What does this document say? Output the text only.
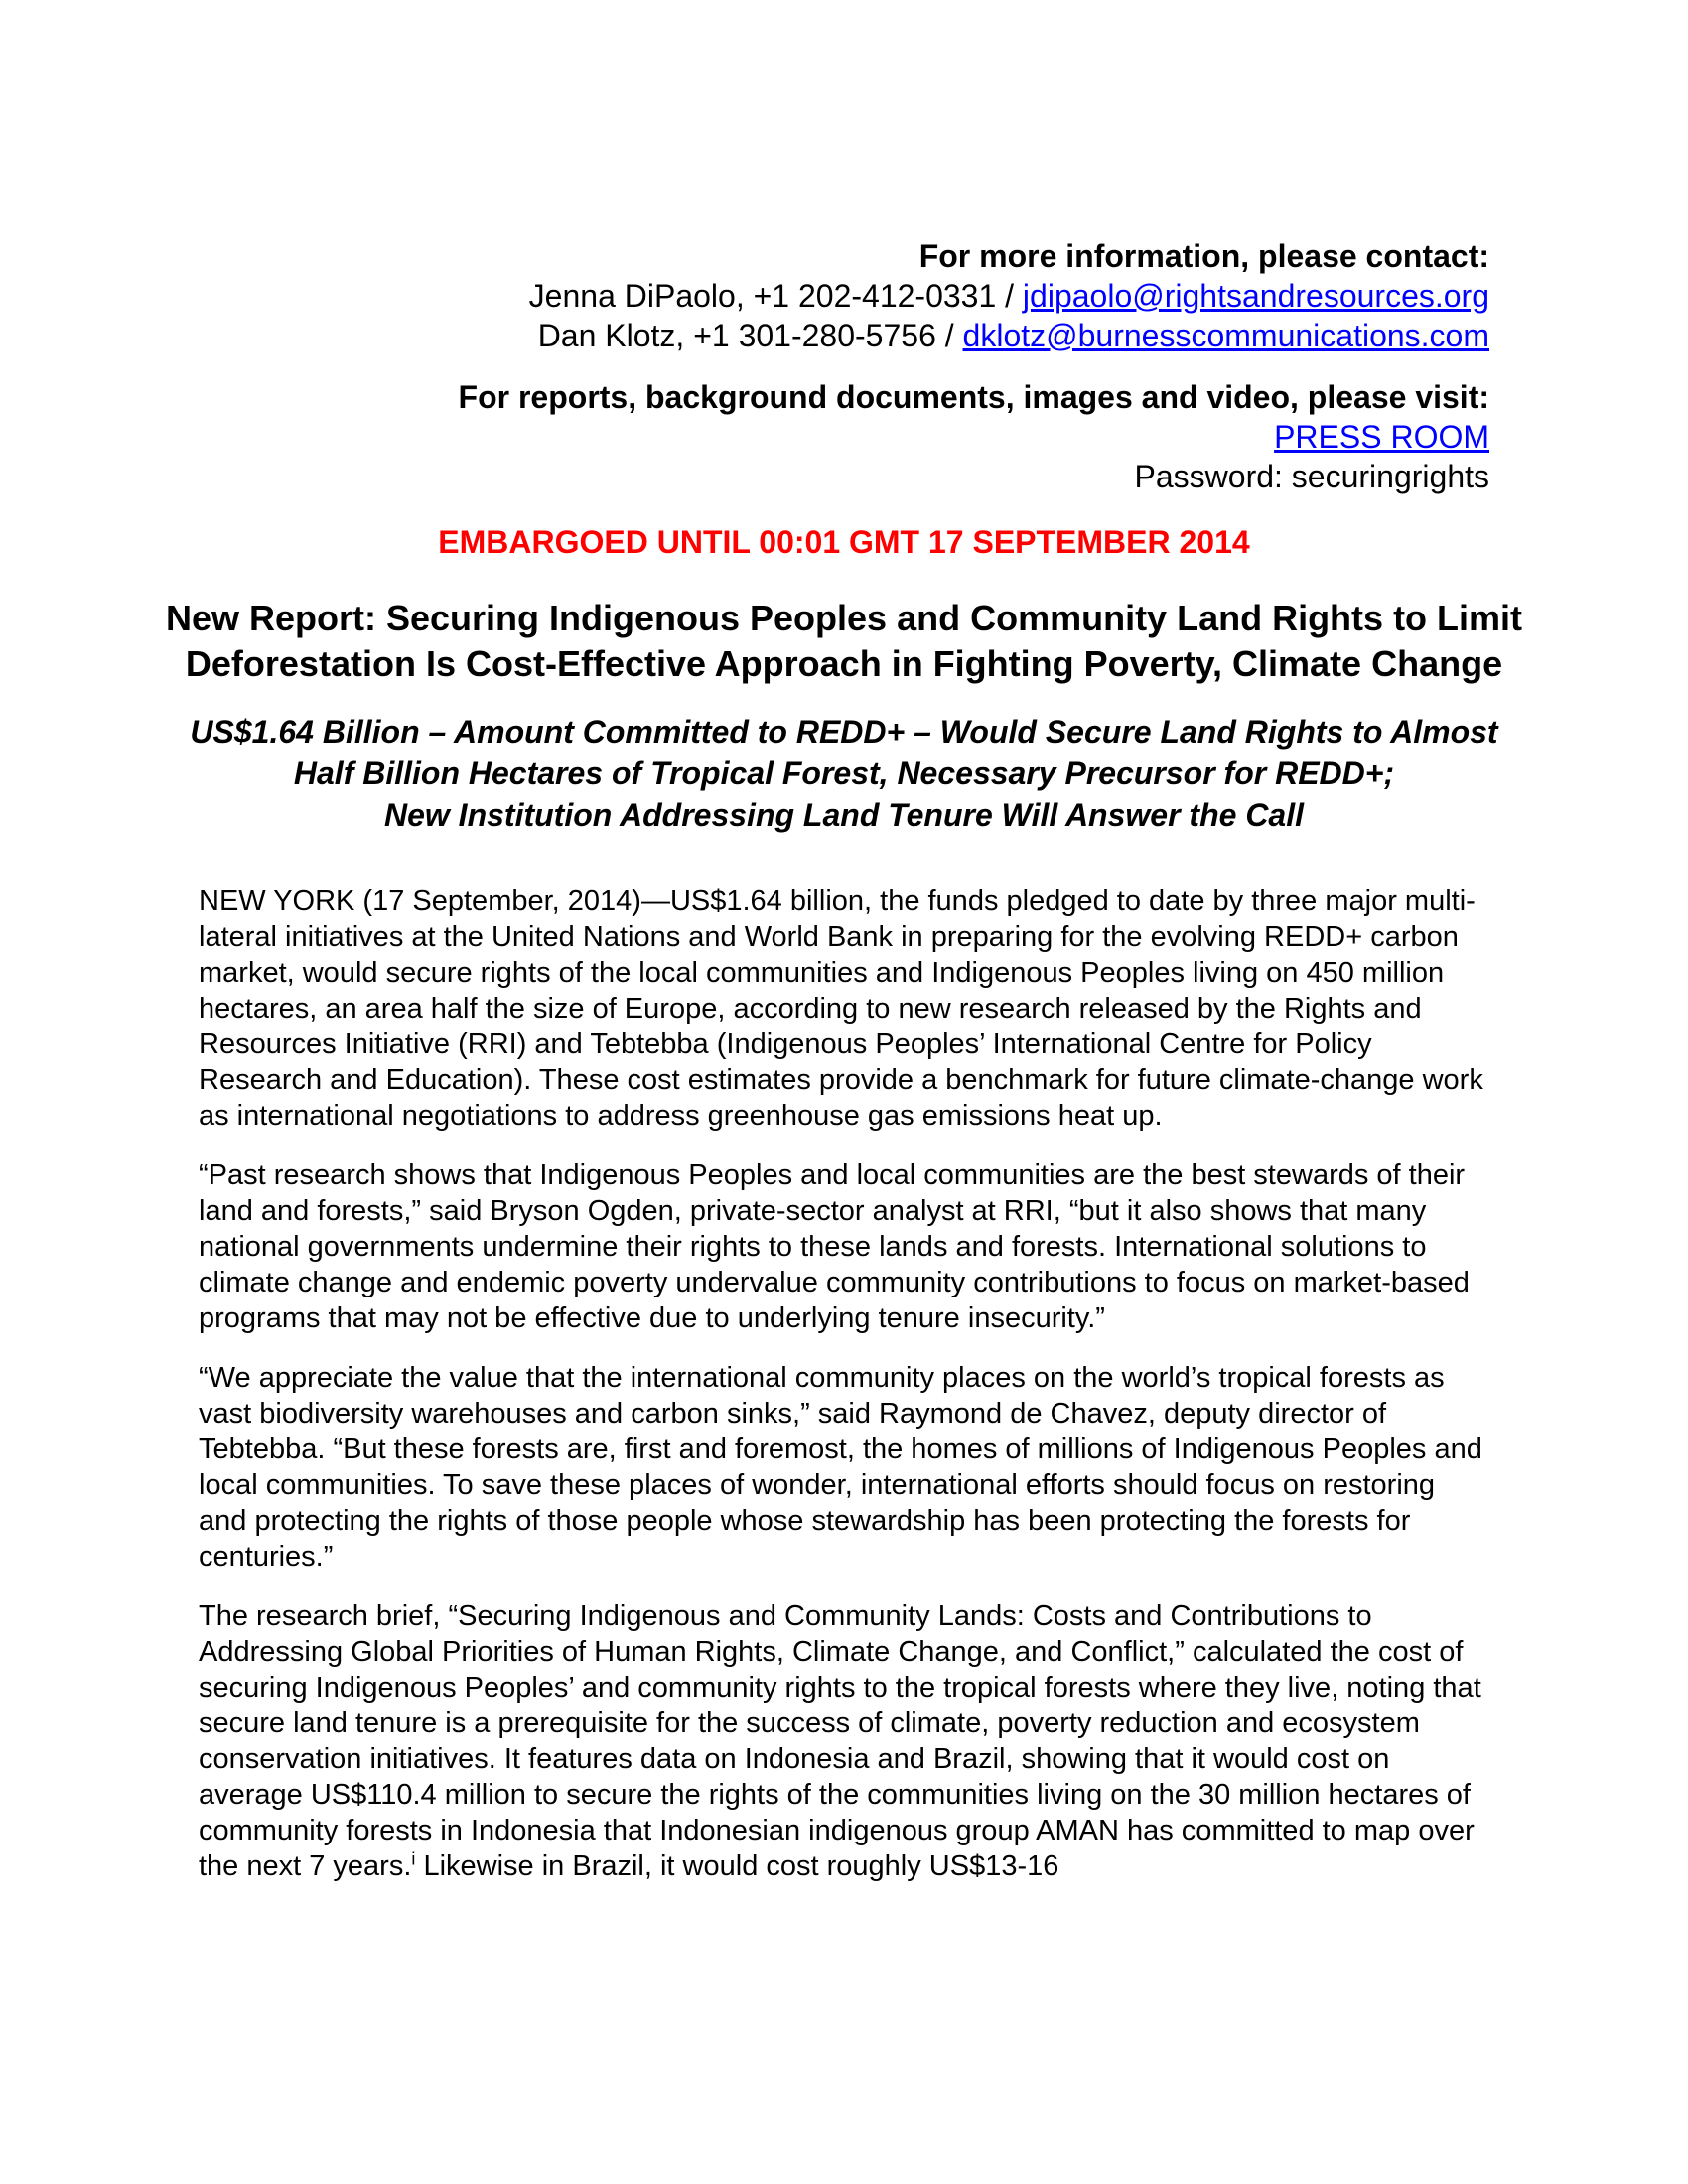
For more information, please contact:
Jenna DiPaolo, +1 202-412-0331 / jdipaolo@rightsandresources.org
Dan Klotz, +1 301-280-5756 / dklotz@burnesscommunications.com
For reports, background documents, images and video, please visit:
PRESS ROOM
Password: securingrights
EMBARGOED UNTIL 00:01 GMT 17 SEPTEMBER 2014
New Report: Securing Indigenous Peoples and Community Land Rights to Limit
Deforestation Is Cost-Effective Approach in Fighting Poverty, Climate Change
US$1.64 Billion – Amount Committed to REDD+ – Would Secure Land Rights to Almost
Half Billion Hectares of Tropical Forest, Necessary Precursor for REDD+;
New Institution Addressing Land Tenure Will Answer the Call

NEW YORK (17 September, 2014)—US$1.64 billion, the funds pledged to date by three major multi-lateral initiatives at the United Nations and World Bank in preparing for the evolving REDD+ carbon market, would secure rights of the local communities and Indigenous Peoples living on 450 million hectares, an area half the size of Europe, according to new research released by the Rights and Resources Initiative (RRI) and Tebtebba (Indigenous Peoples’ International Centre for Policy Research and Education). These cost estimates provide a benchmark for future climate-change work as international negotiations to address greenhouse gas emissions heat up.

“Past research shows that Indigenous Peoples and local communities are the best stewards of their land and forests,” said Bryson Ogden, private-sector analyst at RRI, “but it also shows that many national governments undermine their rights to these lands and forests. International solutions to climate change and endemic poverty undervalue community contributions to focus on market-based programs that may not be effective due to underlying tenure insecurity.”

“We appreciate the value that the international community places on the world’s tropical forests as vast biodiversity warehouses and carbon sinks,” said Raymond de Chavez, deputy director of Tebtebba. “But these forests are, first and foremost, the homes of millions of Indigenous Peoples and local communities. To save these places of wonder, international efforts should focus on restoring and protecting the rights of those people whose stewardship has been protecting the forests for centuries.”

The research brief, “Securing Indigenous and Community Lands: Costs and Contributions to Addressing Global Priorities of Human Rights, Climate Change, and Conflict,” calculated the cost of securing Indigenous Peoples’ and community rights to the tropical forests where they live, noting that secure land tenure is a prerequisite for the success of climate, poverty reduction and ecosystem conservation initiatives. It features data on Indonesia and Brazil, showing that it would cost on average US$110.4 million to secure the rights of the communities living on the 30 million hectares of community forests in Indonesia that Indonesian indigenous group AMAN has committed to map over the next 7 years.$^i$ Likewise in Brazil, it would cost roughly US$13-16
